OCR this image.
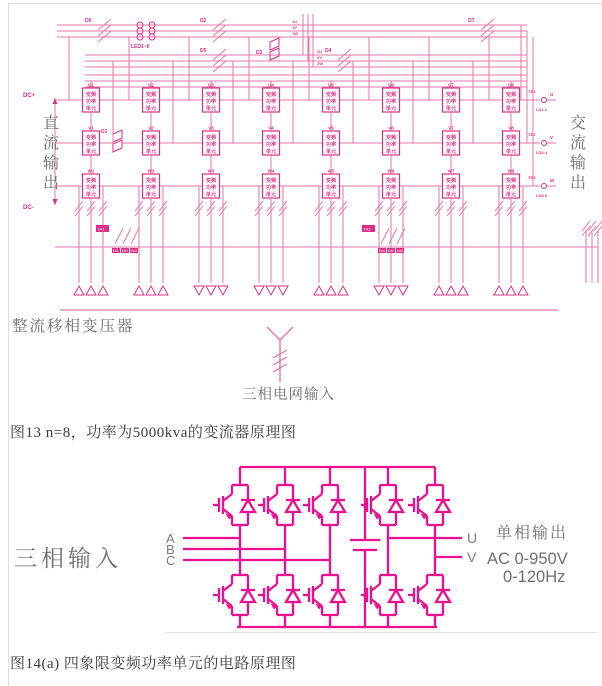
D6	D2	D7
D5	D4
D1
D3
LED1~6
1U
1V
1W
2U
2V
2W
DC+
DC-
直流输出
TB1
U
LD1-2
TB2
V
LD3-4
TB3
W
LD5-6
交流输出
U1
变频
功率
单元
U2
变频
功率
单元
U3
变频
功率
单元
U4
变频
功率
单元
U5
变频
功率
单元
U6
变频
功率
单元
U7
变频
功率
单元
U8
变频
功率
单元
V1
变频
功率
单元
V2
变频
功率
单元
V3
变频
功率
单元
V4
变频
功率
单元
V5
变频
功率
单元
V6
变频
功率
单元
V7
变频
功率
单元
V8
变频
功率
单元
W1
变频
功率
单元
W2
变频
功率
单元
W3
变频
功率
单元
W4
变频
功率
单元
W5
变频
功率
单元
W6
变频
功率
单元
W7
变频
功率
单元
W8
变频
功率
单元
TA1
KA1 KA2 KA3
TA2
KA4 KA5 KA6
整流移相变压器
三相电网输入

图13 n=8，功率为5000kva的变流器原理图

三相输入
A
B
C
U
V
单相输出
AC 0-950V
0-120Hz

图14(a) 四象限变频功率单元的电路原理图
